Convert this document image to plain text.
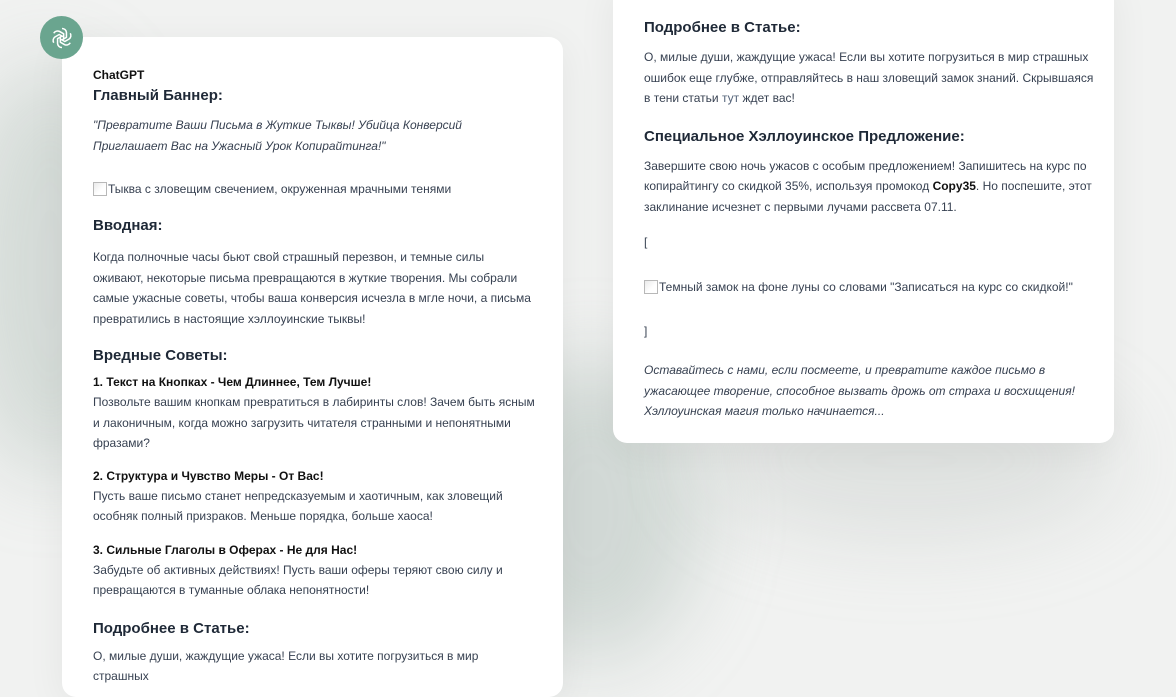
ChatGPT
Главный Баннер:

"Превратите Ваши Письма в Жуткие Тыквы! Убийца Конверсий Приглашает Вас на Ужасный Урок Копирайтинга!"

Тыква с зловещим свечением, окруженная мрачными тенями
Вводная:

Когда полночные часы бьют свой страшный перезвон, и темные силы оживают, некоторые письма превращаются в жуткие творения. Мы собрали самые ужасные советы, чтобы ваша конверсия исчезла в мгле ночи, а письма превратились в настоящие хэллоуинские тыквы!

Вредные Советы:
1. Текст на Кнопках - Чем Длиннее, Тем Лучше!

Позвольте вашим кнопкам превратиться в лабиринты слов! Зачем быть ясным и лаконичным, когда можно загрузить читателя странными и непонятными фразами?

2. Структура и Чувство Меры - От Вас!

Пусть ваше письмо станет непредсказуемым и хаотичным, как зловещий особняк полный призраков. Меньше порядка, больше хаоса!

3. Сильные Глаголы в Оферах - Не для Нас!

Забудьте об активных действиях! Пусть ваши оферы теряют свою силу и превращаются в туманные облака непонятности!

Подробнее в Статье:

О, милые души, жаждущие ужаса! Если вы хотите погрузиться в мир страшных

Подробнее в Статье:

О, милые души, жаждущие ужаса! Если вы хотите погрузиться в мир страшных ошибок еще глубже, отправляйтесь в наш зловещий замок знаний. Скрывшаяся в тени статьи тут ждет вас!

Специальное Хэллоуинское Предложение:

Завершите свою ночь ужасов с особым предложением! Запишитесь на курс по копирайтингу со скидкой 35%, используя промокод Copy35. Но поспешите, этот заклинание исчезнет с первыми лучами рассвета 07.11.

[

Темный замок на фоне луны со словами "Записаться на курс со скидкой!"

]

Оставайтесь с нами, если посмеете, и превратите каждое письмо в ужасающее творение, способное вызвать дрожь от страха и восхищения! Хэллоуинская магия только начинается...
